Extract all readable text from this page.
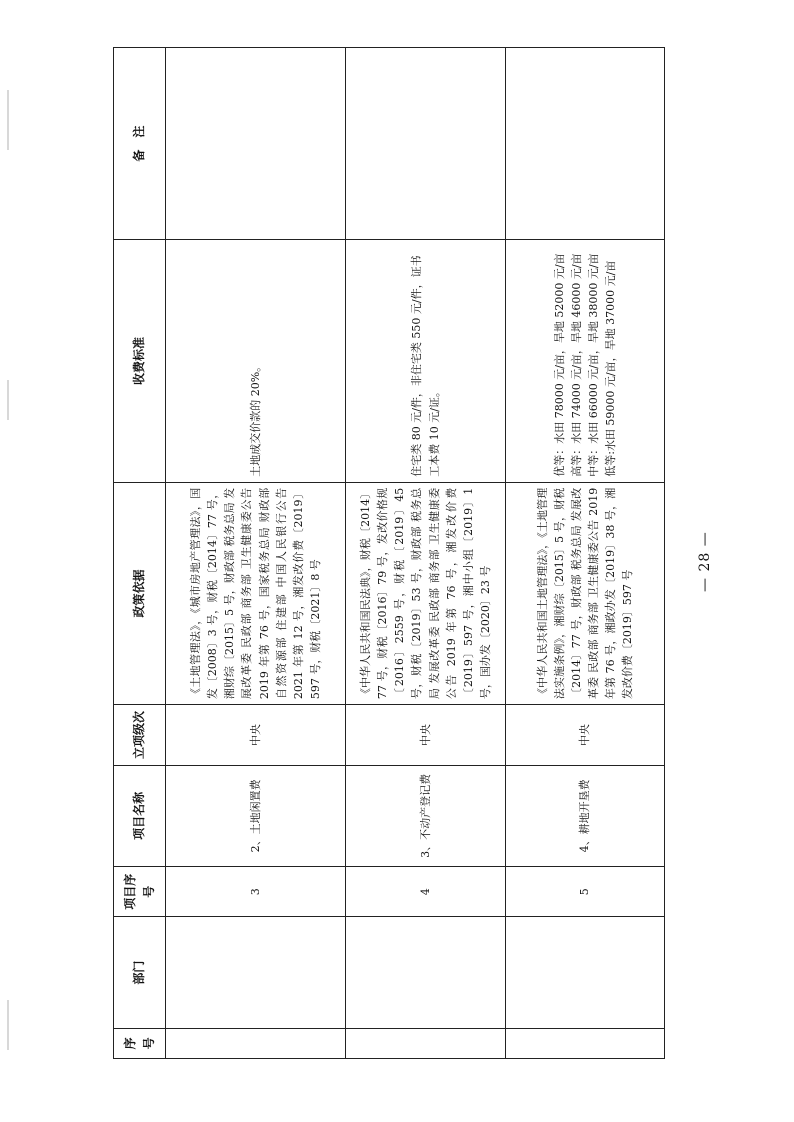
序号	部门	项目序号	项目名称	立项级次	政策依据	收费标准	备　注
		3	2、土地闲置费	中央	《土地管理法》，《城市房地产管理法》，国发〔2008〕3 号，财税〔2014〕77 号，湘财综〔2015〕5 号，财政部 税务总局 发展改革委 民政部 商务部 卫生健康委公告 2019 年第 76 号，国家税务总局 财政部 自然资源部 住建部 中国人民银行公告 2021 年第 12 号，湘发改价费〔2019〕597 号，财税〔2021〕8 号	土地成交价款的 20%。	
		4	3、不动产登记费	中央	《中华人民共和国民法典》，财税〔2014〕77 号，财税〔2016〕79 号，发改价格规〔2016〕2559 号，财税〔2019〕45 号，财税〔2019〕53 号，财政部 税务总局 发展改革委 民政部 商务部 卫生健康委公告 2019 年第 76 号，湘发改价费〔2019〕597 号，湘中小组〔2019〕1 号，国办发〔2020〕23 号	住宅类 80 元/件，非住宅类 550 元/件，证书工本费 10 元/证。	
		5	4、耕地开垦费	中央	《中华人民共和国土地管理法》，《土地管理法实施条例》，湘财综〔2015〕5 号，财税〔2014〕77 号，财政部 税务总局 发展改革委 民政部 商务部 卫生健康委公告 2019 年第 76 号，湘政办发〔2019〕38 号，湘发改价费〔2019〕597 号	优等：水田 78000 元/亩，旱地 52000 元/亩 高等：水田 74000 元/亩，旱地 46000 元/亩 中等：水田 66000 元/亩，旱地 38000 元/亩 低等:水田 59000 元/亩，旱地 37000 元/亩	

— 28 —
